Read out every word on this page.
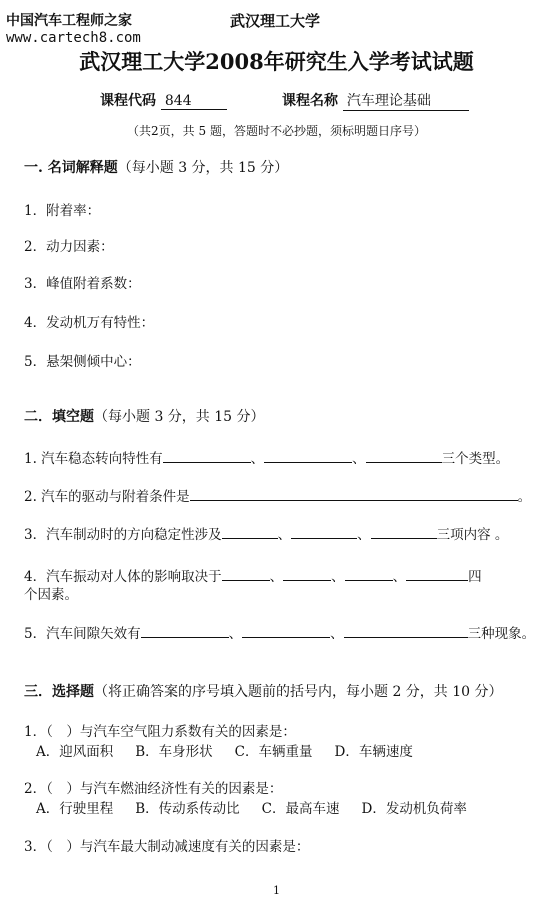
中国汽车工程师之家
www.cartech8.com
武汉理工大学
武汉理工大学2008年研究生入学考试试题
课程代码 844	课程名称 汽车理论基础
（共2页，共 5 题，答题时不必抄题，须标明题日序号）
一. 名词解释题（每小题 3 分，共 15 分）
1．附着率：
2．动力因素：
3．峰值附着系数：
4．发动机万有特性：
5．悬架侧倾中心：
二．填空题（每小题 3 分，共 15 分）
1. 汽车稳态转向特性有	、	、	三个类型。
2. 汽车的驱动与附着条件是	。
3．汽车制动时的方向稳定性涉及	、	、	三项内容 。
4．汽车振动对人体的影响取决于	、	、	、	四
个因素。
5．汽车间隙矢效有	、	、	三种现象。
三．选择题（将正确答案的序号填入题前的括号内，每小题 2 分，共 10 分）
1．（　）与汽车空气阻力系数有关的因素是：
A．迎风面积 B．车身形状 C．车辆重量 D．车辆速度
2．（　）与汽车燃油经济性有关的因素是：
A．行驶里程 B．传动系传动比 C．最高车速 D．发动机负荷率
3．（　）与汽车最大制动减速度有关的因素是：
1
